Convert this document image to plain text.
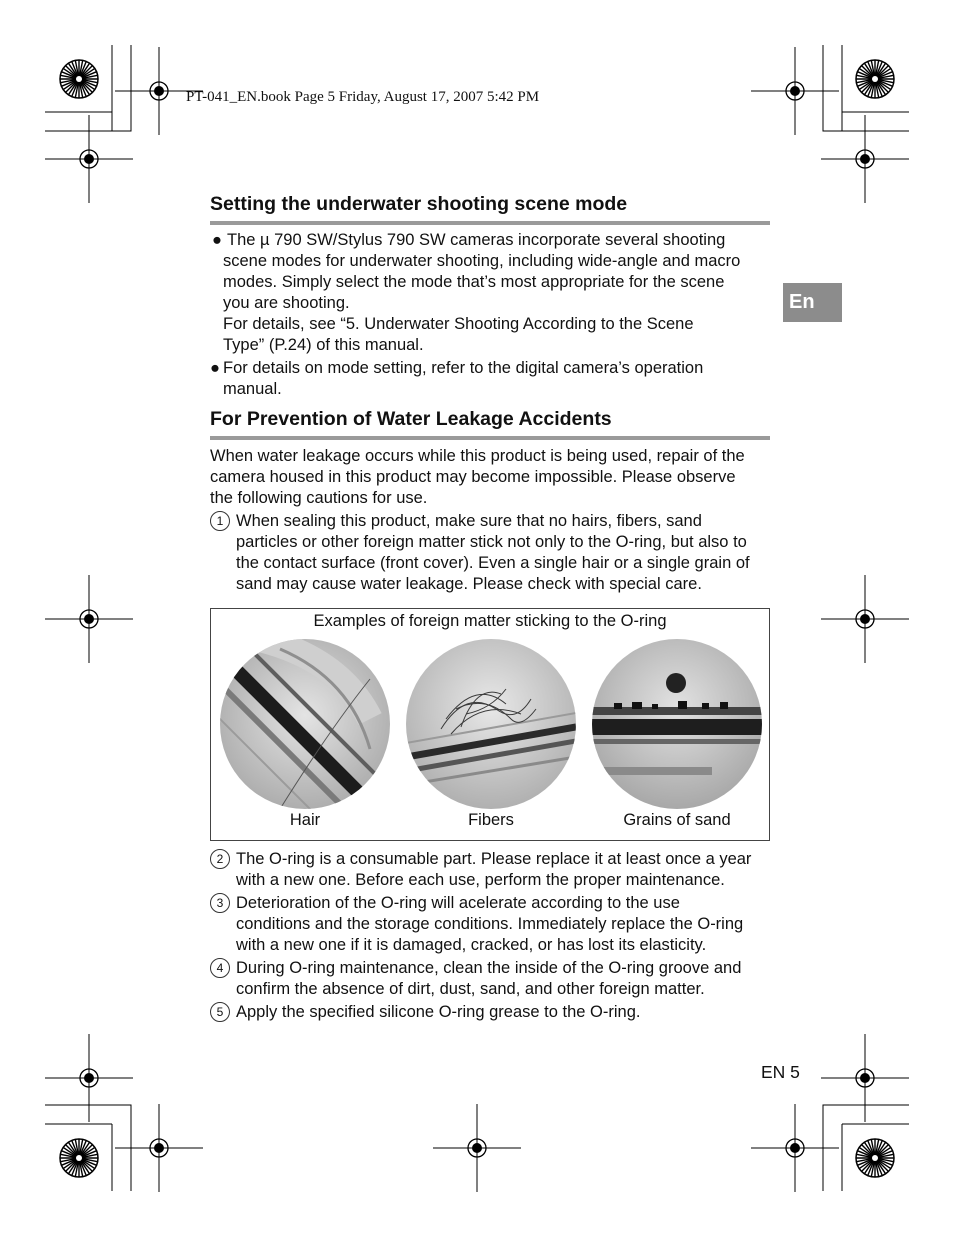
PT-041_EN.book Page 5 Friday, August 17, 2007 5:42 PM
En
Setting the underwater shooting scene mode
● The µ 790 SW/Stylus 790 SW cameras incorporate several shooting
scene modes for underwater shooting, including wide-angle and macro
modes. Simply select the mode that’s most appropriate for the scene
you are shooting.
For details, see “5. Underwater Shooting According to the Scene
Type” (P.24) of this manual.
● For details on mode setting, refer to the digital camera’s operation
manual.
For Prevention of Water Leakage Accidents
When water leakage occurs while this product is being used, repair of the
camera housed in this product may become impossible. Please observe
the following cautions for use.
1 When sealing this product, make sure that no hairs, fibers, sand
particles or other foreign matter stick not only to the O-ring, but also to
the contact surface (front cover). Even a single hair or a single grain of
sand may cause water leakage. Please check with special care.
Examples of foreign matter sticking to the O-ring
Hair	Fibers	Grains of sand
2 The O-ring is a consumable part. Please replace it at least once a year
with a new one. Before each use, perform the proper maintenance.
3 Deterioration of the O-ring will acelerate according to the use
conditions and the storage conditions. Immediately replace the O-ring
with a new one if it is damaged, cracked, or has lost its elasticity.
4 During O-ring maintenance, clean the inside of the O-ring groove and
confirm the absence of dirt, dust, sand, and other foreign matter.
5 Apply the specified silicone O-ring grease to the O-ring.
EN 5
